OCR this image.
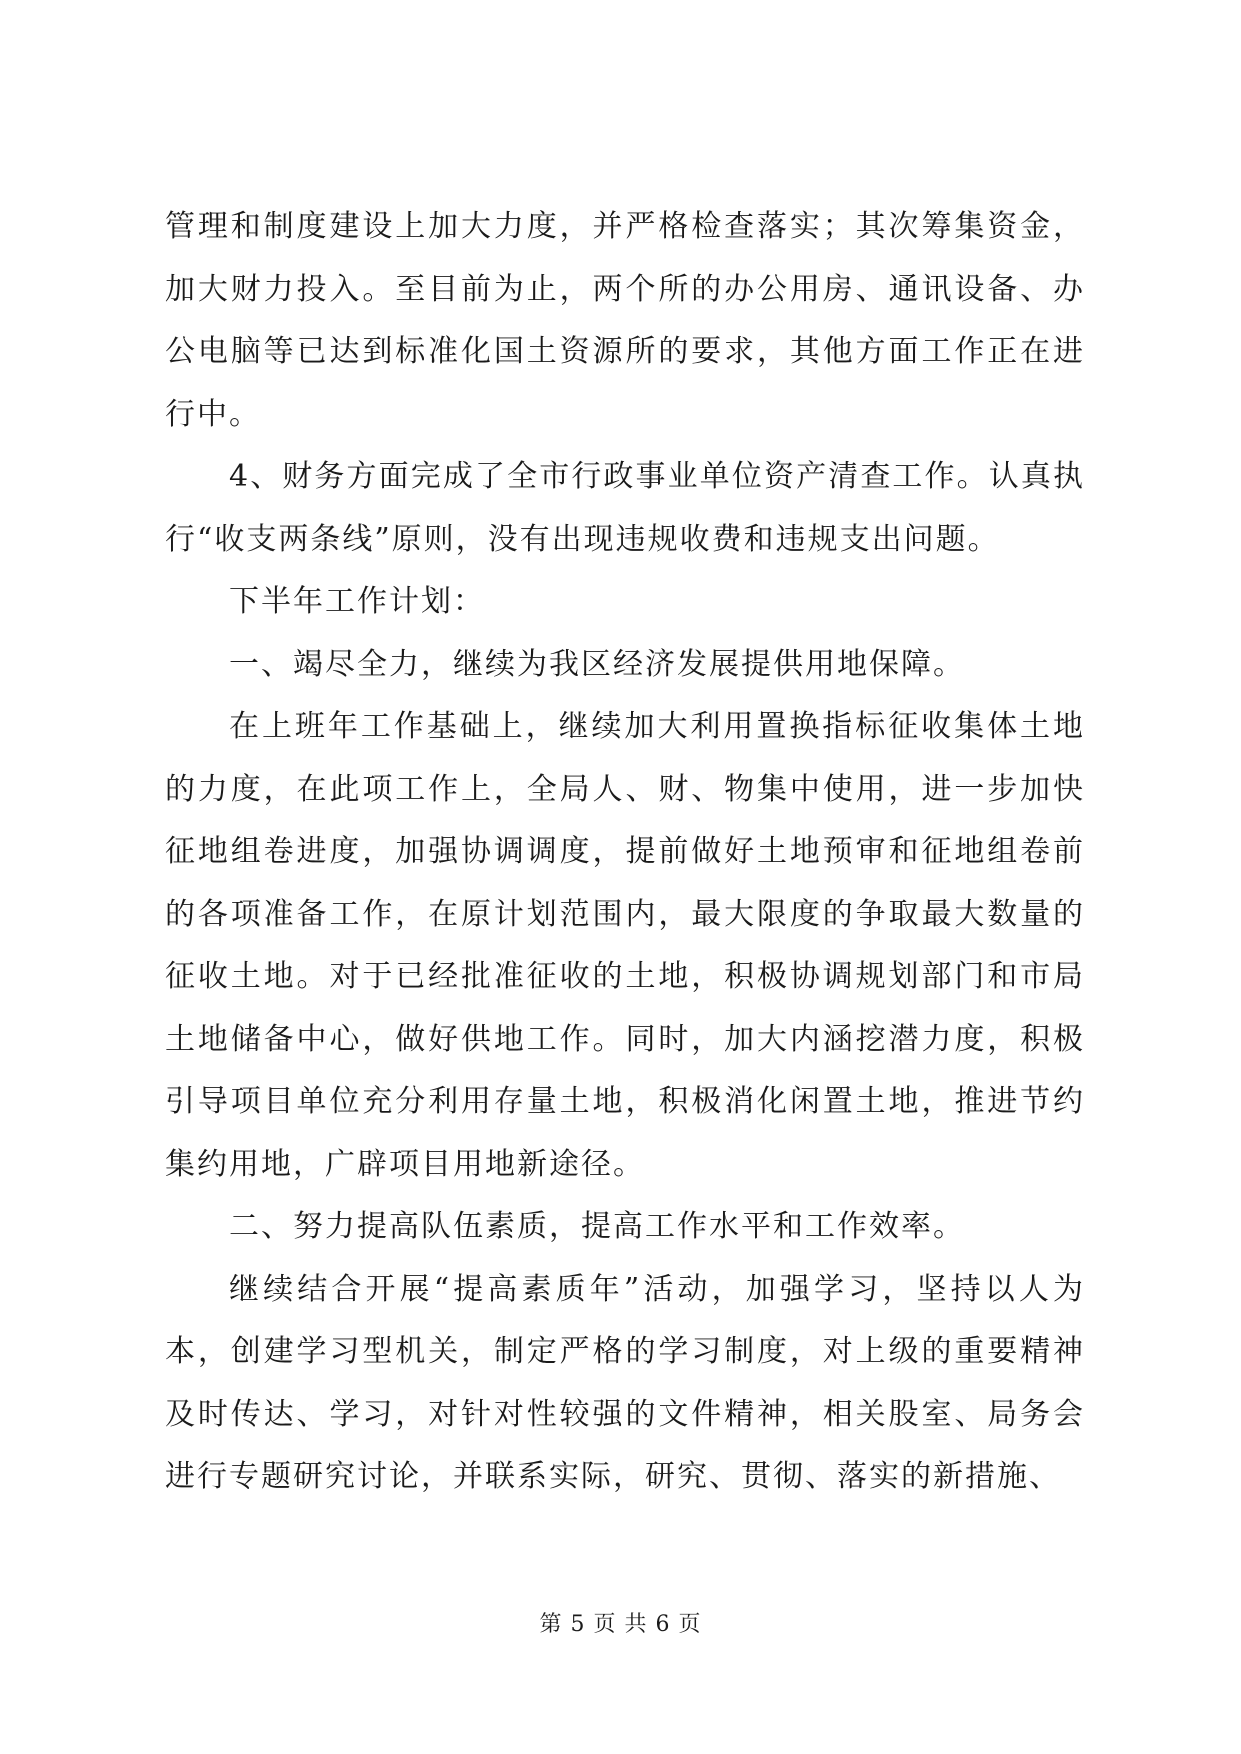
管理和制度建设上加大力度，并严格检查落实；其次筹集资金，加大财力投入。至目前为止，两个所的办公用房、通讯设备、办公电脑等已达到标准化国土资源所的要求，其他方面工作正在进行中。

4、财务方面完成了全市行政事业单位资产清查工作。认真执行“收支两条线”原则，没有出现违规收费和违规支出问题。

下半年工作计划：

一、竭尽全力，继续为我区经济发展提供用地保障。

在上班年工作基础上，继续加大利用置换指标征收集体土地的力度，在此项工作上，全局人、财、物集中使用，进一步加快征地组卷进度，加强协调调度，提前做好土地预审和征地组卷前的各项准备工作，在原计划范围内，最大限度的争取最大数量的征收土地。对于已经批准征收的土地，积极协调规划部门和市局土地储备中心，做好供地工作。同时，加大内涵挖潜力度，积极引导项目单位充分利用存量土地，积极消化闲置土地，推进节约集约用地，广辟项目用地新途径。

二、努力提高队伍素质，提高工作水平和工作效率。

继续结合开展“提高素质年”活动，加强学习，坚持以人为本，创建学习型机关，制定严格的学习制度，对上级的重要精神及时传达、学习，对针对性较强的文件精神，相关股室、局务会进行专题研究讨论，并联系实际，研究、贯彻、落实的新措施、

第 5 页 共 6 页
